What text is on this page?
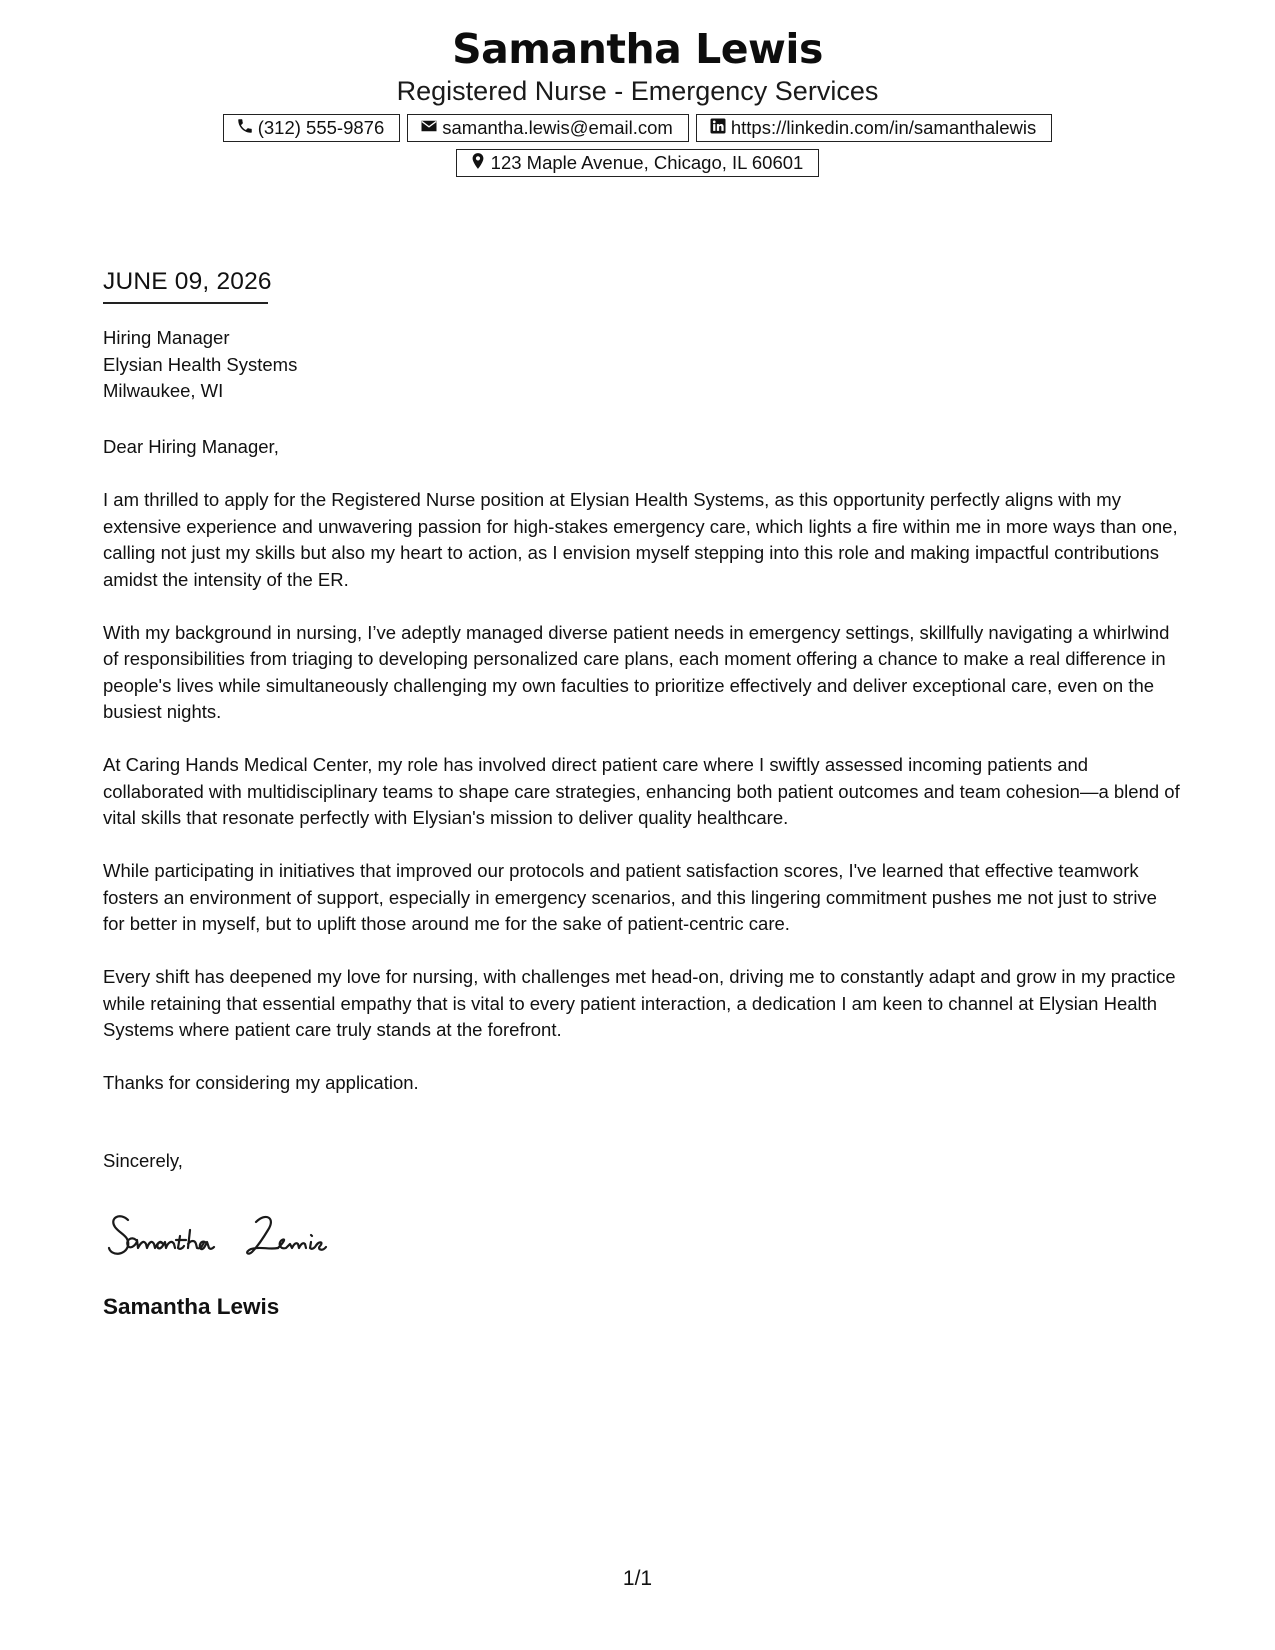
Samantha Lewis
Registered Nurse - Emergency Services
(312) 555-9876	samantha.lewis@email.com	https://linkedin.com/in/samanthalewis
123 Maple Avenue, Chicago, IL 60601
JUNE 09, 2026
Hiring Manager
Elysian Health Systems
Milwaukee, WI

Dear Hiring Manager,

I am thrilled to apply for the Registered Nurse position at Elysian Health Systems, as this opportunity perfectly aligns with my extensive experience and unwavering passion for high-stakes emergency care, which lights a fire within me in more ways than one, calling not just my skills but also my heart to action, as I envision myself stepping into this role and making impactful contributions amidst the intensity of the ER.

With my background in nursing, I’ve adeptly managed diverse patient needs in emergency settings, skillfully navigating a whirlwind of responsibilities from triaging to developing personalized care plans, each moment offering a chance to make a real difference in people's lives while simultaneously challenging my own faculties to prioritize effectively and deliver exceptional care, even on the busiest nights.

At Caring Hands Medical Center, my role has involved direct patient care where I swiftly assessed incoming patients and collaborated with multidisciplinary teams to shape care strategies, enhancing both patient outcomes and team cohesion—a blend of vital skills that resonate perfectly with Elysian's mission to deliver quality healthcare.

While participating in initiatives that improved our protocols and patient satisfaction scores, I've learned that effective teamwork fosters an environment of support, especially in emergency scenarios, and this lingering commitment pushes me not just to strive for better in myself, but to uplift those around me for the sake of patient-centric care.

Every shift has deepened my love for nursing, with challenges met head-on, driving me to constantly adapt and grow in my practice while retaining that essential empathy that is vital to every patient interaction, a dedication I am keen to channel at Elysian Health Systems where patient care truly stands at the forefront.

Thanks for considering my application.

Sincerely,
Samantha Lewis
1/1
